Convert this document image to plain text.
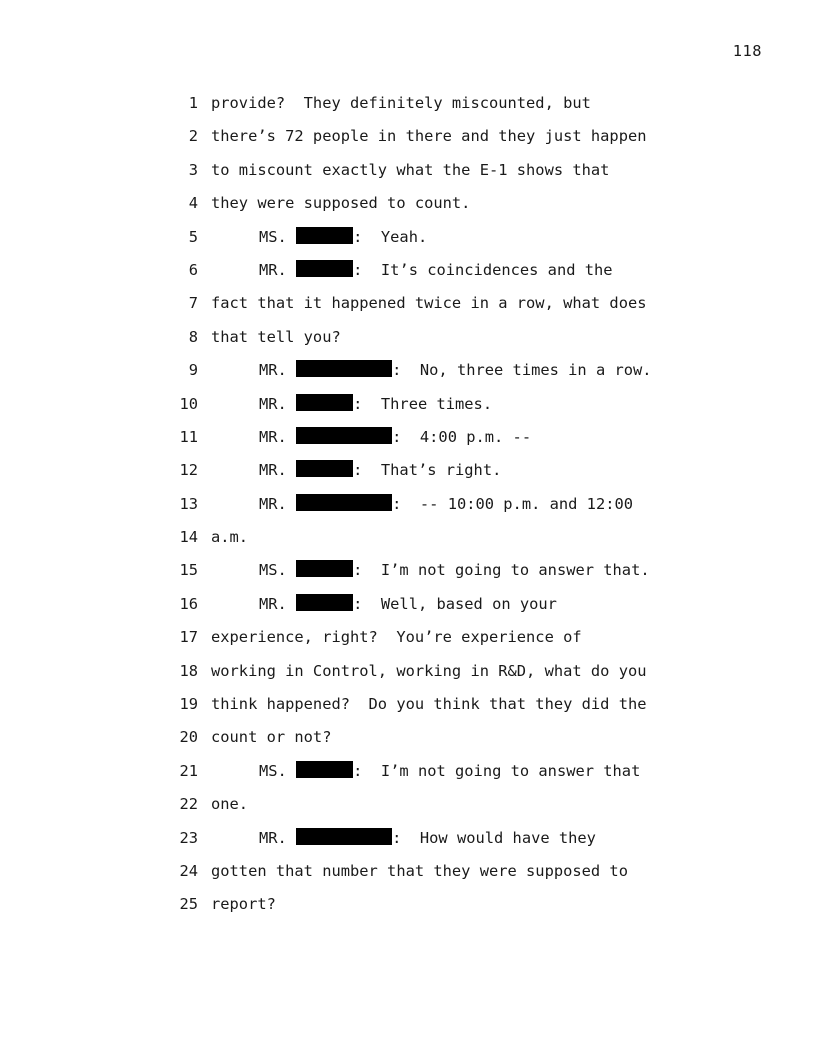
118
1 provide?  They definitely miscounted, but
2 there’s 72 people in there and they just happen
3 to miscount exactly what the E-1 shows that
4 they were supposed to count.
5	MS.	:  Yeah.
6	MR.	:  It’s coincidences and the
7 fact that it happened twice in a row, what does
8 that tell you?
9	MR.	:  No, three times in a row.
10	MR.	:  Three times.
11	MR.	:  4:00 p.m. --
12	MR.	:  That’s right.
13	MR.	:  -- 10:00 p.m. and 12:00
14 a.m.
15	MS.	:  I’m not going to answer that.
16	MR.	:  Well, based on your
17 experience, right?  You’re experience of
18 working in Control, working in R&D, what do you
19 think happened?  Do you think that they did the
20 count or not?
21	MS.	:  I’m not going to answer that
22 one.
23	MR.	:  How would have they
24 gotten that number that they were supposed to
25 report?
